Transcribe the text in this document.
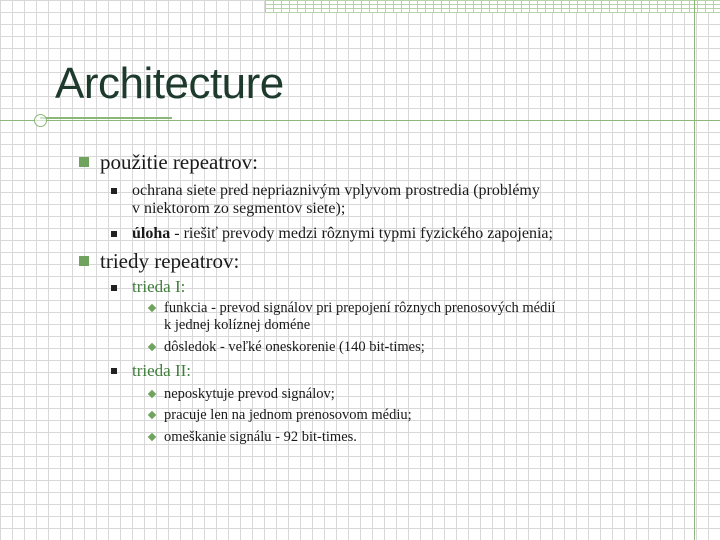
Architecture
použitie repeatrov:
ochrana siete pred nepriaznivým vplyvom prostredia (problémy
v niektorom zo segmentov siete);
úloha - riešiť prevody medzi rôznymi typmi fyzického zapojenia;
triedy repeatrov:
trieda I:
funkcia - prevod signálov pri prepojení rôznych prenosových médií
k jednej kolíznej doméne
dôsledok - veľké oneskorenie (140 bit-times;
trieda II:
neposkytuje prevod signálov;
pracuje len na jednom prenosovom médiu;
omeškanie signálu - 92 bit-times.
